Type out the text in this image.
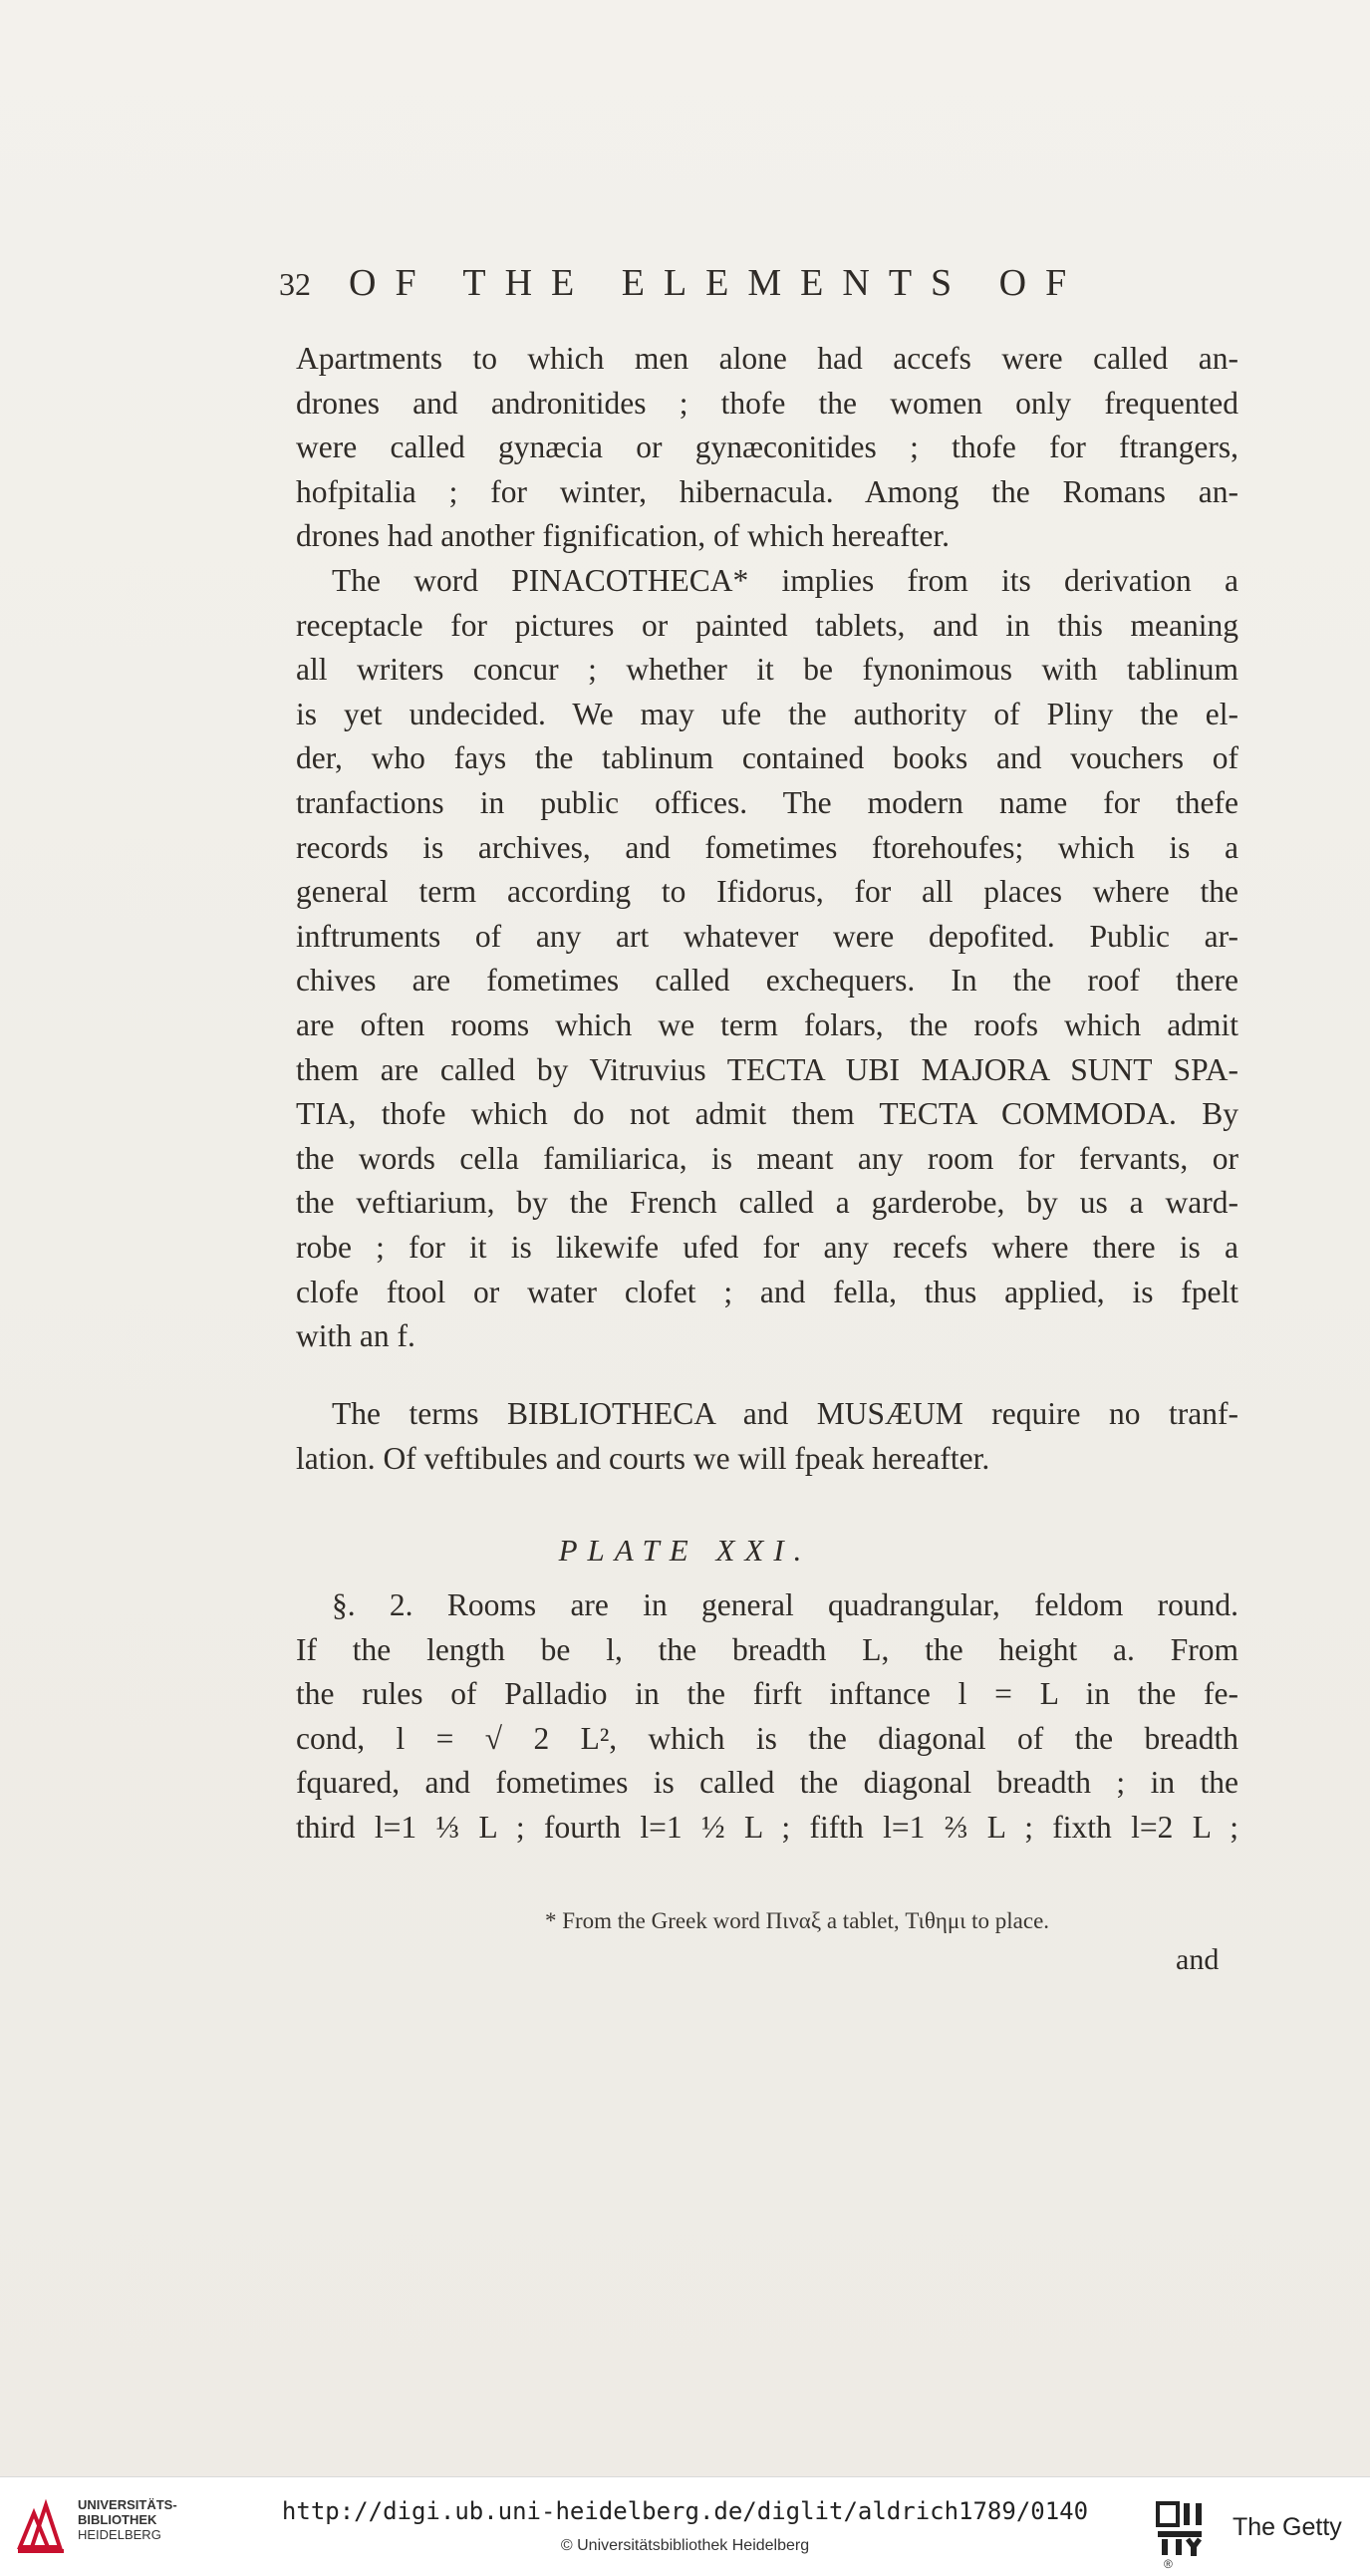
32 OF THE ELEMENTS OF
Apartments to which men alone had accefs were called an-
drones and andronitides ; thofe the women only frequented
were called gynæcia or gynæconitides ; thofe for ftrangers,
hofpitalia ; for winter, hibernacula. Among the Romans an-
drones had another fignification, of which hereafter.
The word PINACOTHECA* implies from its derivation a
receptacle for pictures or painted tablets, and in this meaning
all writers concur ; whether it be fynonimous with tablinum
is yet undecided. We may ufe the authority of Pliny the el-
der, who fays the tablinum contained books and vouchers of
tranfactions in public offices. The modern name for thefe
records is archives, and fometimes ftorehoufes; which is a
general term according to Ifidorus, for all places where the
inftruments of any art whatever were depofited. Public ar-
chives are fometimes called exchequers. In the roof there
are often rooms which we term folars, the roofs which admit
them are called by Vitruvius TECTA UBI MAJORA SUNT SPA-
TIA, thofe which do not admit them TECTA COMMODA. By
the words cella familiarica, is meant any room for fervants, or
the veftiarium, by the French called a garderobe, by us a ward-
robe ; for it is likewife ufed for any recefs where there is a
clofe ftool or water clofet ; and fella, thus applied, is fpelt
with an f.
The terms BIBLIOTHECA and MUSÆUM require no tranf-
lation. Of veftibules and courts we will fpeak hereafter.
PLATE XXI.
§. 2. Rooms are in general quadrangular, feldom round.
If the length be l, the breadth L, the height a. From
the rules of Palladio in the firft inftance l = L in the fe-
cond, l = √ 2 L², which is the diagonal of the breadth
fquared, and fometimes is called the diagonal breadth ; in the
third l=1 ⅓ L ; fourth l=1 ½ L ; fifth l=1 ⅔ L ; fixth l=2 L ;
* From the Greek word Πιναξ a tablet, Τιθημι to place.
and
UNIVERSITÄTS-
BIBLIOTHEK
HEIDELBERG
http://digi.ub.uni-heidelberg.de/diglit/aldrich1789/0140
© Universitätsbibliothek Heidelberg
®
The Getty
